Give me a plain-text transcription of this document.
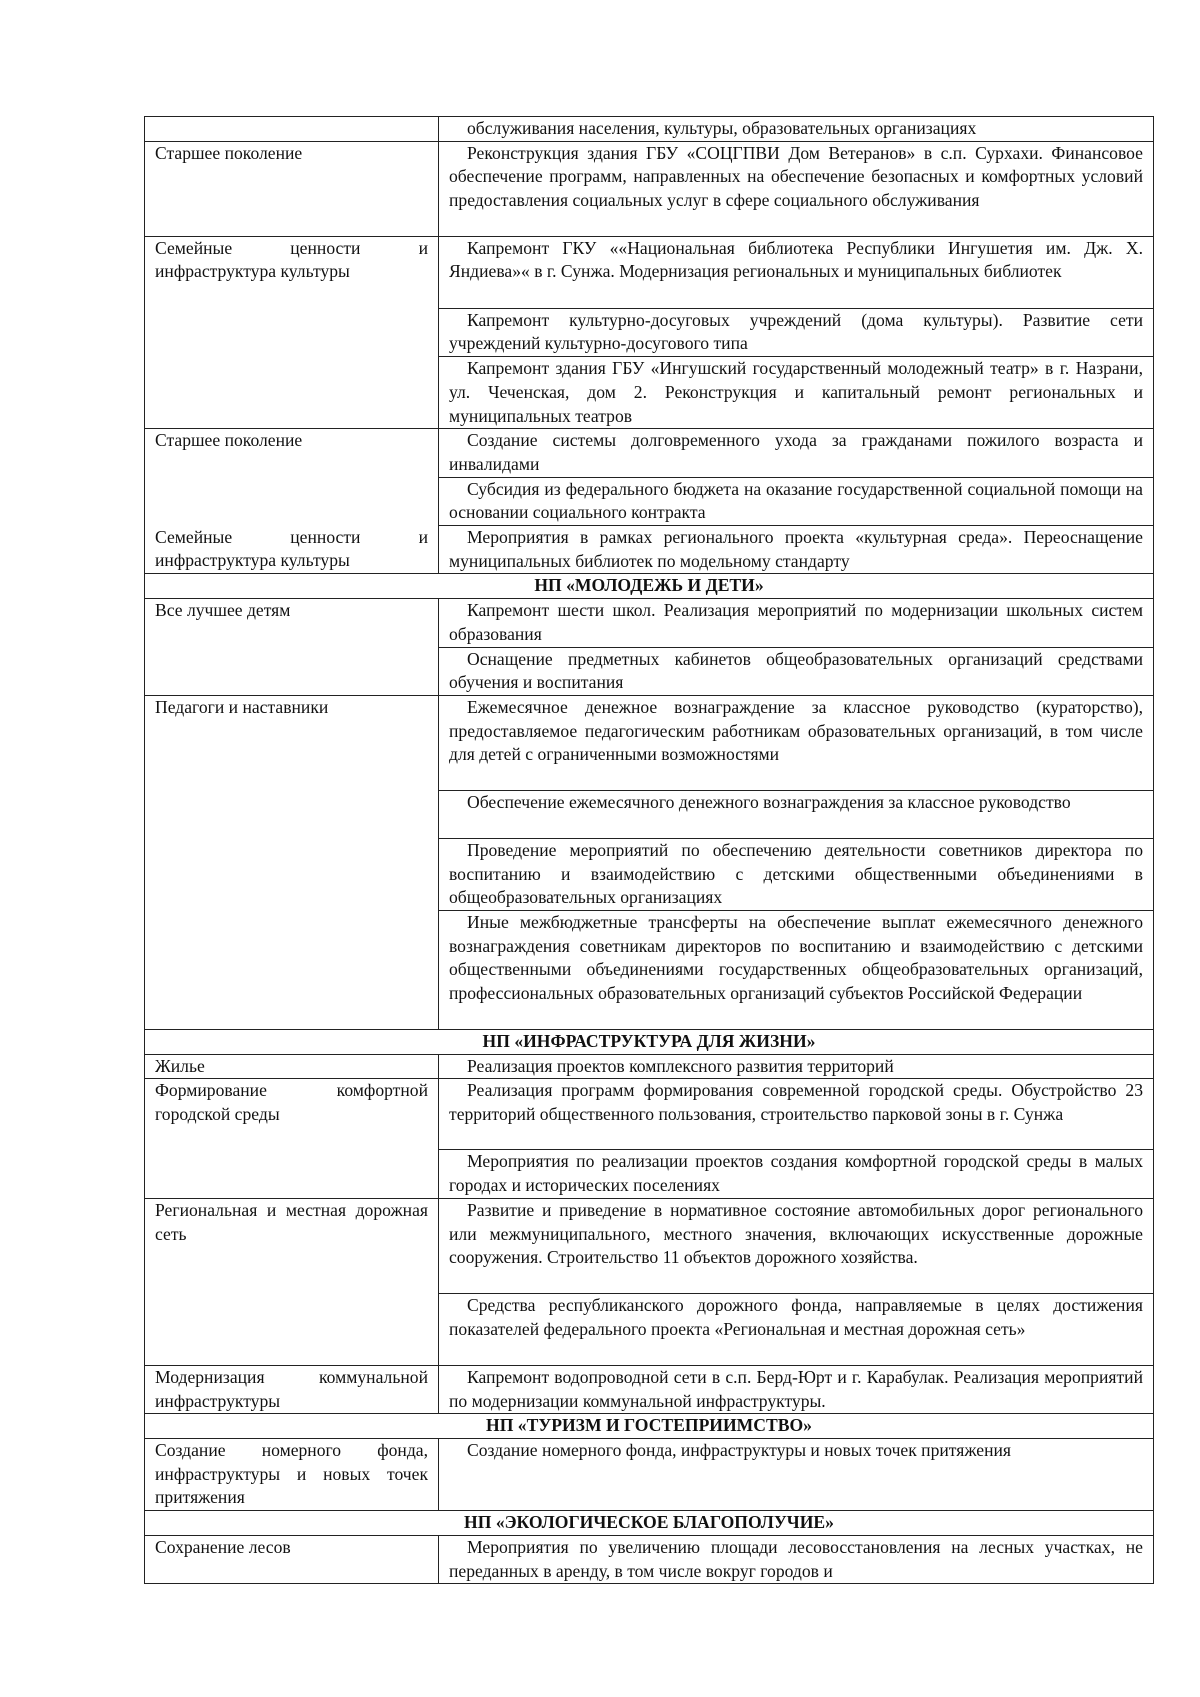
	обслуживания населения, культуры, образовательных организациях
Старшее поколение	Реконструкция здания ГБУ «СОЦГПВИ Дом Ветеранов» в с.п. Сурхахи. Финансовое обеспечение программ, направленных на обеспечение безопасных и комфортных условий предоставления социальных услуг в сфере социального обслуживания
Семейные ценности и инфраструктура культуры	Капремонт ГКУ ««Национальная библиотека Республики Ингушетия им. Дж. Х. Яндиева»« в г. Сунжа. Модернизация региональных и муниципальных библиотек
	Капремонт культурно-досуговых учреждений (дома культуры). Развитие сети учреждений культурно-досугового типа
	Капремонт здания ГБУ «Ингушский государственный молодежный театр» в г. Назрани, ул. Чеченская, дом 2. Реконструкция и капитальный ремонт региональных и муниципальных театров
Старшее поколение	Создание системы долговременного ухода за гражданами пожилого возраста и инвалидами
	Субсидия из федерального бюджета на оказание государственной социальной помощи на основании социального контракта
Семейные ценности и инфраструктура культуры	Мероприятия в рамках регионального проекта «культурная среда». Переоснащение муниципальных библиотек по модельному стандарту
НП «МОЛОДЕЖЬ И ДЕТИ»	
Все лучшее детям	Капремонт шести школ. Реализация мероприятий по модернизации школьных систем образования
	Оснащение предметных кабинетов общеобразовательных организаций средствами обучения и воспитания
Педагоги и наставники	Ежемесячное денежное вознаграждение за классное руководство (кураторство), предоставляемое педагогическим работникам образовательных организаций, в том числе для детей с ограниченными возможностями
	Обеспечение ежемесячного денежного вознаграждения за классное руководство
	Проведение мероприятий по обеспечению деятельности советников директора по воспитанию и взаимодействию с детскими общественными объединениями в общеобразовательных организациях
	Иные межбюджетные трансферты на обеспечение выплат ежемесячного денежного вознаграждения советникам директоров по воспитанию и взаимодействию с детскими общественными объединениями государственных общеобразовательных организаций, профессиональных образовательных организаций субъектов Российской Федерации
НП «ИНФРАСТРУКТУРА ДЛЯ ЖИЗНИ»	
Жилье	Реализация проектов комплексного развития территорий
Формирование комфортной городской среды	Реализация программ формирования современной городской среды. Обустройство 23 территорий общественного пользования, строительство парковой зоны в г. Сунжа
	Мероприятия по реализации проектов создания комфортной городской среды в малых городах и исторических поселениях
Региональная и местная дорожная сеть	Развитие и приведение в нормативное состояние автомобильных дорог регионального или межмуниципального, местного значения, включающих искусственные дорожные сооружения. Строительство 11 объектов дорожного хозяйства.
	Средства республиканского дорожного фонда, направляемые в целях достижения показателей федерального проекта «Региональная и местная дорожная сеть»
Модернизация коммунальной инфраструктуры	Капремонт водопроводной сети в с.п. Берд-Юрт и г. Карабулак. Реализация мероприятий по модернизации коммунальной инфраструктуры.
НП «ТУРИЗМ И ГОСТЕПРИИМСТВО»	
Создание номерного фонда, инфраструктуры и новых точек притяжения	Создание номерного фонда, инфраструктуры и новых точек притяжения
НП «ЭКОЛОГИЧЕСКОЕ БЛАГОПОЛУЧИЕ»	
Сохранение лесов	Мероприятия по увеличению площади лесовосстановления на лесных участках, не переданных в аренду, в том числе вокруг городов и
